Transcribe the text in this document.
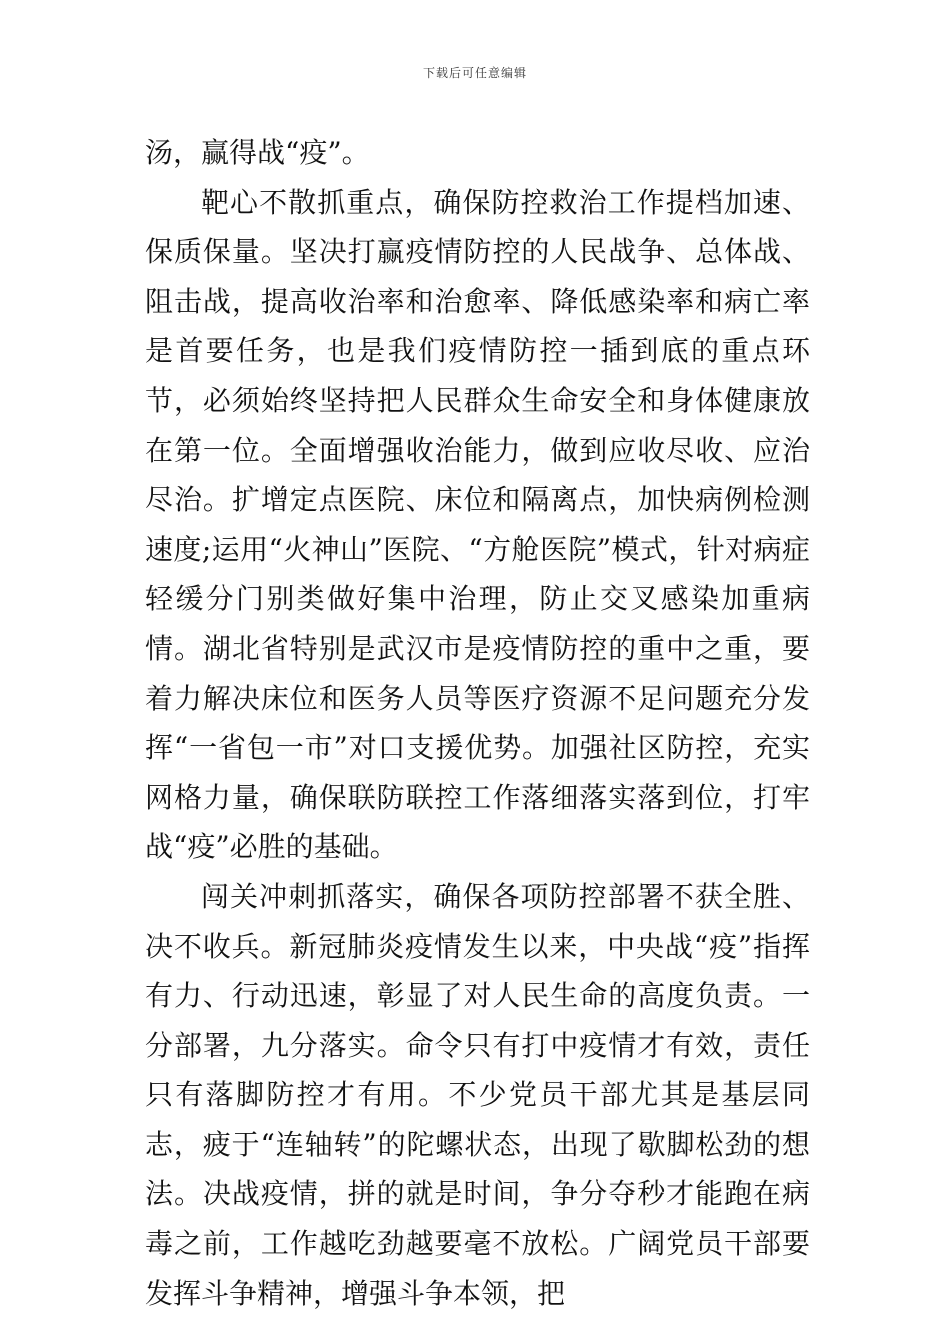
下载后可任意编辑

汤，赢得战“疫”。

靶心不散抓重点，确保防控救治工作提档加速、保质保量。坚决打赢疫情防控的人民战争、总体战、阻击战，提高收治率和治愈率、降低感染率和病亡率是首要任务，也是我们疫情防控一插到底的重点环节，必须始终坚持把人民群众生命安全和身体健康放在第一位。全面增强收治能力，做到应收尽收、应治尽治。扩增定点医院、床位和隔离点，加快病例检测速度;运用“火神山”医院、“方舱医院”模式，针对病症轻缓分门别类做好集中治理，防止交叉感染加重病情。湖北省特别是武汉市是疫情防控的重中之重，要着力解决床位和医务人员等医疗资源不足问题充分发挥“一省包一市”对口支援优势。加强社区防控，充实网格力量，确保联防联控工作落细落实落到位，打牢战“疫”必胜的基础。

闯关冲刺抓落实，确保各项防控部署不获全胜、决不收兵。新冠肺炎疫情发生以来，中央战“疫”指挥有力、行动迅速，彰显了对人民生命的高度负责。一分部署，九分落实。命令只有打中疫情才有效，责任只有落脚防控才有用。不少党员干部尤其是基层同志，疲于“连轴转”的陀螺状态，出现了歇脚松劲的想法。决战疫情，拼的就是时间，争分夺秒才能跑在病毒之前，工作越吃劲越要毫不放松。广阔党员干部要发挥斗争精神，增强斗争本领，把
